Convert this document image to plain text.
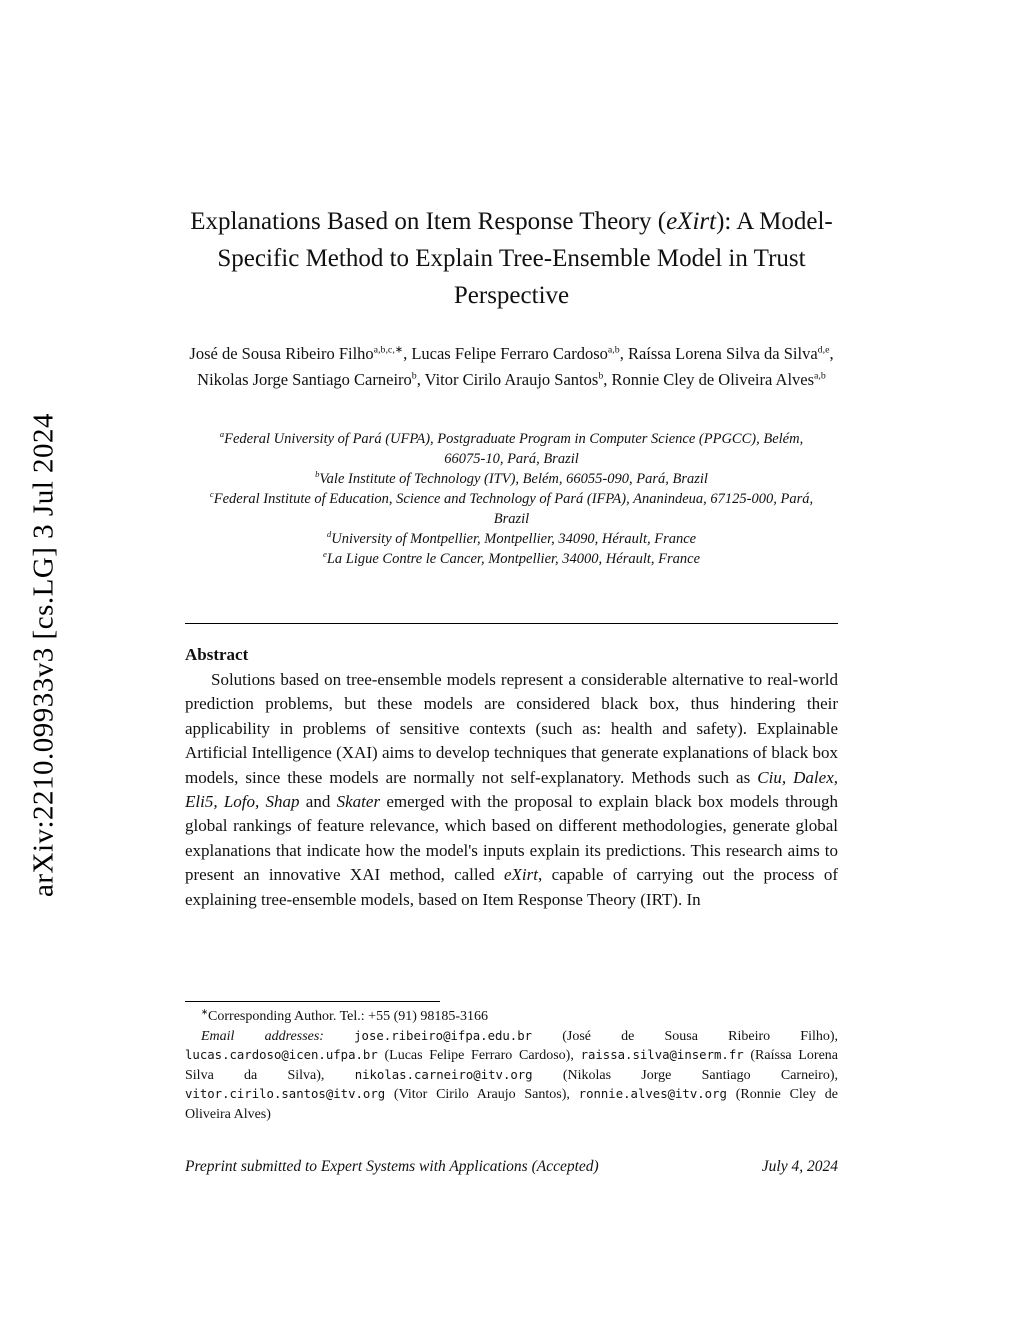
arXiv:2210.09933v3 [cs.LG] 3 Jul 2024
Explanations Based on Item Response Theory (eXirt): A Model-Specific Method to Explain Tree-Ensemble Model in Trust Perspective
José de Sousa Ribeiro Filho$^{a,b,c,∗}$, Lucas Felipe Ferraro Cardoso$^{a,b}$, Raíssa Lorena Silva da Silva$^{d,e}$, Nikolas Jorge Santiago Carneiro$^b$, Vitor Cirilo Araujo Santos$^b$, Ronnie Cley de Oliveira Alves$^{a,b}$
$^a$Federal University of Pará (UFPA), Postgraduate Program in Computer Science (PPGCC), Belém, 66075-10, Pará, Brazil
$^b$Vale Institute of Technology (ITV), Belém, 66055-090, Pará, Brazil
$^c$Federal Institute of Education, Science and Technology of Pará (IFPA), Ananindeua, 67125-000, Pará, Brazil
$^d$University of Montpellier, Montpellier, 34090, Hérault, France
$^e$La Ligue Contre le Cancer, Montpellier, 34000, Hérault, France
Abstract

Solutions based on tree-ensemble models represent a considerable alternative to real-world prediction problems, but these models are considered black box, thus hindering their applicability in problems of sensitive contexts (such as: health and safety). Explainable Artificial Intelligence (XAI) aims to develop techniques that generate explanations of black box models, since these models are normally not self-explanatory. Methods such as Ciu, Dalex, Eli5, Lofo, Shap and Skater emerged with the proposal to explain black box models through global rankings of feature relevance, which based on different methodologies, generate global explanations that indicate how the model's inputs explain its predictions. This research aims to present an innovative XAI method, called eXirt, capable of carrying out the process of explaining tree-ensemble models, based on Item Response Theory (IRT). In

∗Corresponding Author. Tel.: +55 (91) 98185-3166

Email addresses: jose.ribeiro@ifpa.edu.br (José de Sousa Ribeiro Filho), lucas.cardoso@icen.ufpa.br (Lucas Felipe Ferraro Cardoso), raissa.silva@inserm.fr (Raíssa Lorena Silva da Silva), nikolas.carneiro@itv.org (Nikolas Jorge Santiago Carneiro), vitor.cirilo.santos@itv.org (Vitor Cirilo Araujo Santos), ronnie.alves@itv.org (Ronnie Cley de Oliveira Alves)

Preprint submitted to Expert Systems with Applications (Accepted)	July 4, 2024
